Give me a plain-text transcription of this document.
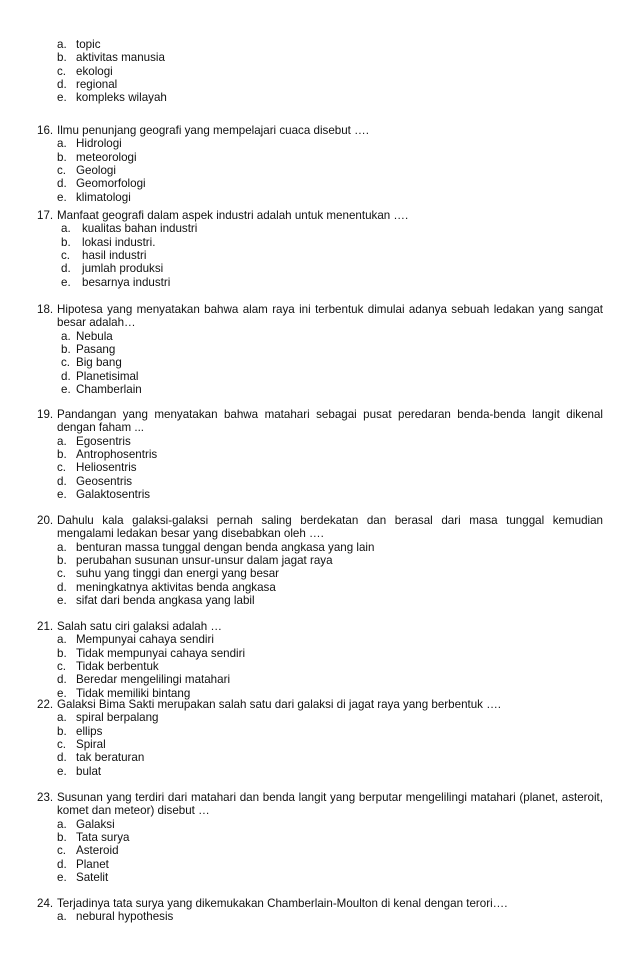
a. topic
b. aktivitas manusia
c. ekologi
d. regional
e. kompleks wilayah
16. Ilmu penunjang geografi yang mempelajari cuaca disebut ….
a. Hidrologi
b. meteorologi
c. Geologi
d. Geomorfologi
e. klimatologi
17. Manfaat geografi dalam aspek industri adalah untuk menentukan ….
a. kualitas bahan industri
b. lokasi industri.
c. hasil industri
d. jumlah produksi
e. besarnya industri
18. Hipotesa yang menyatakan bahwa alam raya ini terbentuk dimulai adanya sebuah ledakan yang sangat besar adalah…
a. Nebula
b. Pasang
c. Big bang
d. Planetisimal
e. Chamberlain
19. Pandangan yang menyatakan bahwa matahari sebagai pusat peredaran benda-benda langit dikenal dengan faham ...
a. Egosentris
b. Antrophosentris
c. Heliosentris
d. Geosentris
e. Galaktosentris
20. Dahulu kala galaksi-galaksi pernah saling berdekatan dan berasal dari masa tunggal kemudian mengalami ledakan besar yang disebabkan oleh ….
a. benturan massa tunggal dengan benda angkasa yang lain
b. perubahan susunan unsur-unsur dalam jagat raya
c. suhu yang tinggi dan energi yang besar
d. meningkatnya aktivitas benda angkasa
e. sifat dari benda angkasa yang labil
21. Salah satu ciri galaksi adalah …
a. Mempunyai cahaya sendiri
b. Tidak mempunyai cahaya sendiri
c. Tidak berbentuk
d. Beredar mengelilingi matahari
e. Tidak memiliki bintang
22. Galaksi Bima Sakti merupakan salah satu dari galaksi di jagat raya yang berbentuk ….
a. spiral berpalang
b. ellips
c. Spiral
d. tak beraturan
e. bulat
23. Susunan yang terdiri dari matahari dan benda langit yang berputar mengelilingi matahari (planet, asteroit, komet dan meteor) disebut …
a. Galaksi
b. Tata surya
c. Asteroid
d. Planet
e. Satelit
24. Terjadinya tata surya yang dikemukakan Chamberlain-Moulton di kenal dengan terori….
a. nebural hypothesis
